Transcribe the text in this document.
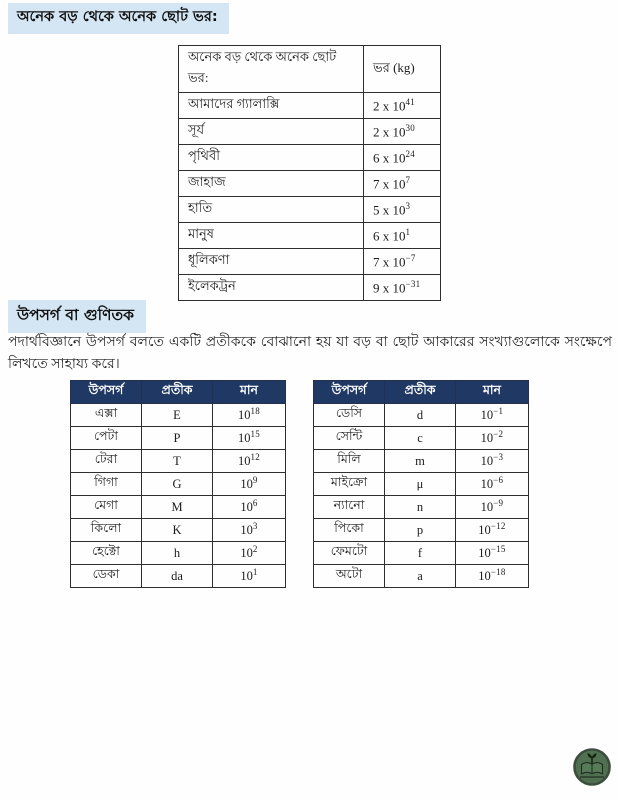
অনেক বড় থেকে অনেক ছোট ভর:
অনেক বড় থেকে অনেক ছোট ভর:	ভর (kg)
আমাদের গ্যালাক্সি	2 x $10^{41}$
সূর্য	2 x $10^{30}$
পৃথিবী	6 x $10^{24}$
জাহাজ	7 x $10^7$
হাতি	5 x $10^3$
মানুষ	6 x $10^1$
ধূলিকণা	7 x $10^{-7}$
ইলেকট্রন	9 x $10^{-31}$
উপসর্গ বা গুণিতক

পদার্থবিজ্ঞানে উপসর্গ বলতে একটি প্রতীককে বোঝানো হয় যা বড় বা ছোট আকারের সংখ্যাগুলোকে সংক্ষেপে লিখতে সাহায্য করে।

উপসর্গ	প্রতীক	মান
এক্সা	E	$10^{18}$
পেটা	P	$10^{15}$
টেরা	T	$10^{12}$
গিগা	G	$10^9$
মেগা	M	$10^6$
কিলো	K	$10^3$
হেক্টো	h	$10^2$
ডেকা	da	$10^1$
উপসর্গ	প্রতীক	মান
ডেসি	d	$10^{-1}$
সেন্টি	c	$10^{-2}$
মিলি	m	$10^{-3}$
মাইক্রো	μ	$10^{-6}$
ন্যানো	n	$10^{-9}$
পিকো	p	$10^{-12}$
ফেমটো	f	$10^{-15}$
অটো	a	$10^{-18}$
